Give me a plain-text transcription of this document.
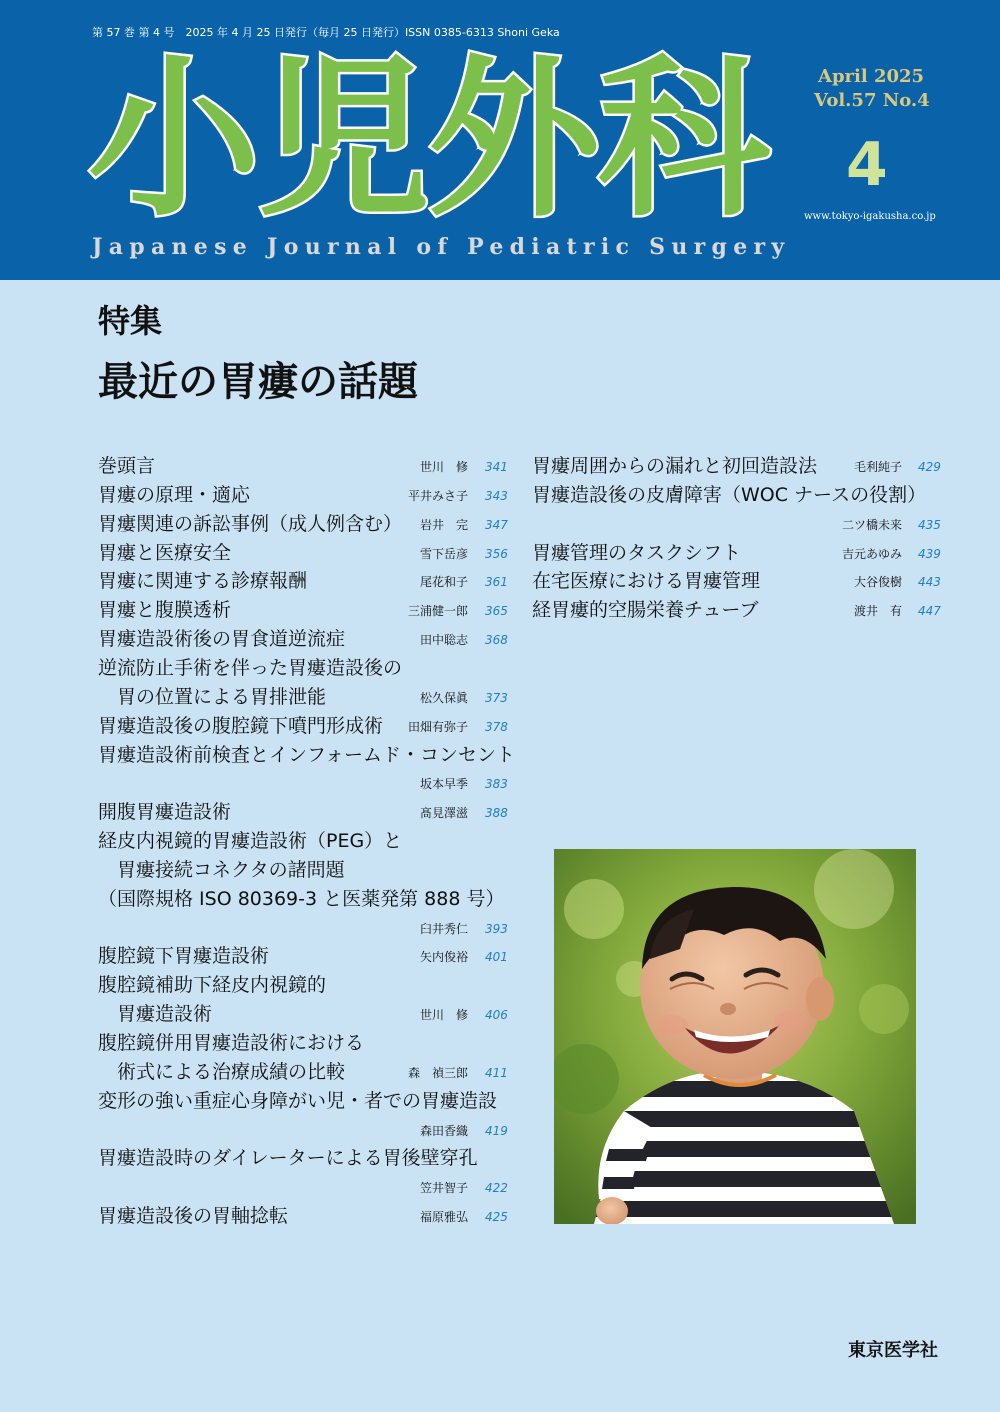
第 57 巻 第 4 号　2025 年 4 月 25 日発行（毎月 25 日発行）ISSN 0385-6313 Shoni Geka
小児外科
Japanese Journal of Pediatric Surgery
April 2025
Vol.57 No.4
4
www.tokyo-igakusha.co.jp
特集
最近の胃瘻の話題
巻頭言	世川　修 341
胃瘻の原理・適応	平井みさ子 343
胃瘻関連の訴訟事例（成人例含む） 岩井　完 347
胃瘻と医療安全	雪下岳彦 356
胃瘻に関連する診療報酬	尾花和子 361
胃瘻と腹膜透析	三浦健一郎 365
胃瘻造設術後の胃食道逆流症	田中聡志 368
逆流防止手術を伴った胃瘻造設後の
　胃の位置による胃排泄能	松久保眞 373
胃瘻造設後の腹腔鏡下噴門形成術 田畑有弥子 378
胃瘻造設術前検査とインフォームド・コンセント
坂本早季 383
開腹胃瘻造設術	髙見澤滋 388
経皮内視鏡的胃瘻造設術（PEG）と
　胃瘻接続コネクタの諸問題
（国際規格 ISO 80369-3 と医薬発第 888 号）
臼井秀仁 393
腹腔鏡下胃瘻造設術	矢内俊裕 401
腹腔鏡補助下経皮内視鏡的
　胃瘻造設術	世川　修 406
腹腔鏡併用胃瘻造設術における
　術式による治療成績の比較	森　禎三郎 411
変形の強い重症心身障がい児・者での胃瘻造設
森田香織 419
胃瘻造設時のダイレーターによる胃後壁穿孔
笠井智子 422
胃瘻造設後の胃軸捻転	福原雅弘 425
胃瘻周囲からの漏れと初回造設法	毛利純子 429
胃瘻造設後の皮膚障害（WOC ナースの役割）
二ツ橋未来 435
胃瘻管理のタスクシフト	吉元あゆみ 439
在宅医療における胃瘻管理	大谷俊樹 443
経胃瘻的空腸栄養チューブ	渡井　有 447
東京医学社
